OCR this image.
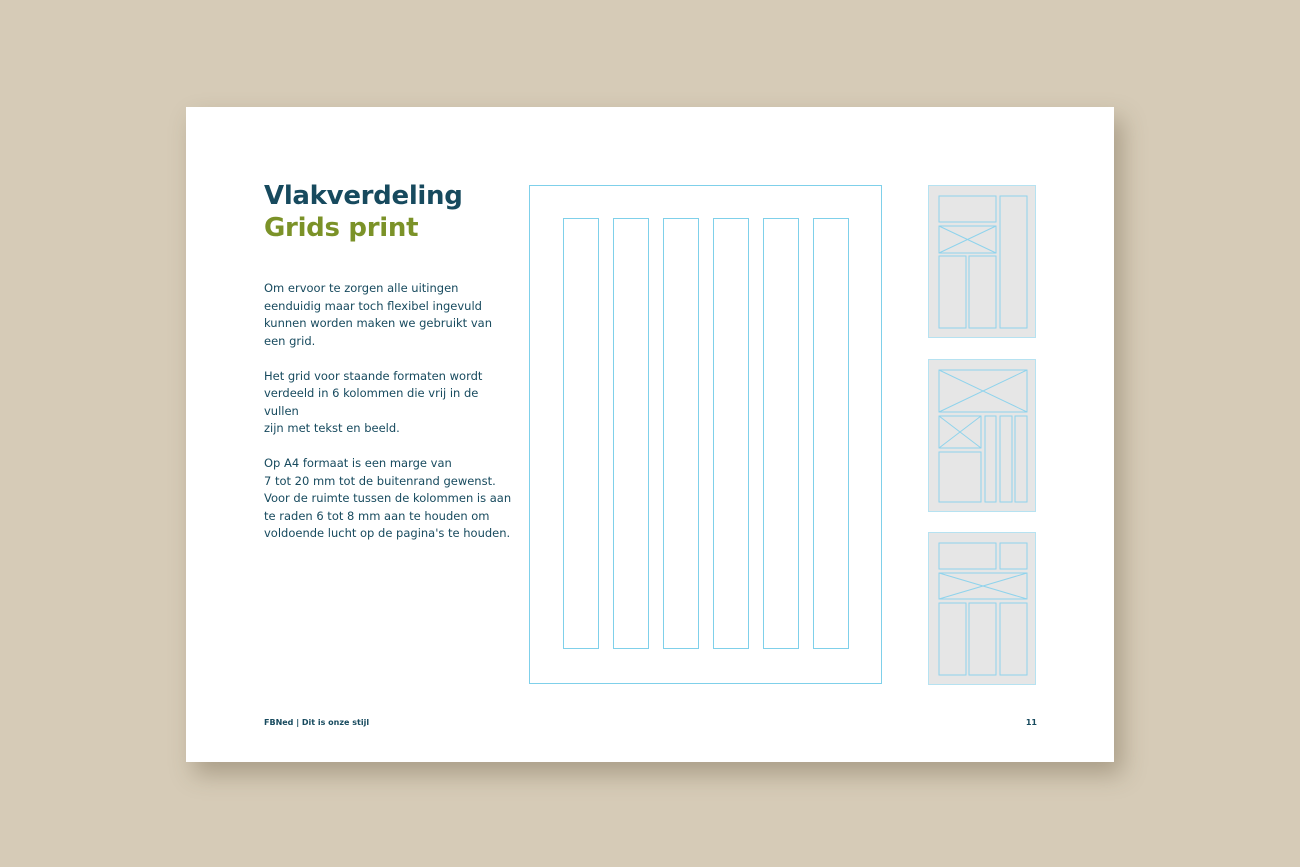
Vlakverdeling
Grids print

Om ervoor te zorgen alle uitingen
eenduidig maar toch flexibel ingevuld
kunnen worden maken we gebruikt van
een grid.

Het grid voor staande formaten wordt
verdeeld in 6 kolommen die vrij in de vullen
zijn met tekst en beeld.

Op A4 formaat is een marge van
7 tot 20 mm tot de buitenrand gewenst.
Voor de ruimte tussen de kolommen is aan
te raden 6 tot 8 mm aan te houden om
voldoende lucht op de pagina's te houden.

FBNed | Dit is onze stijl	11
